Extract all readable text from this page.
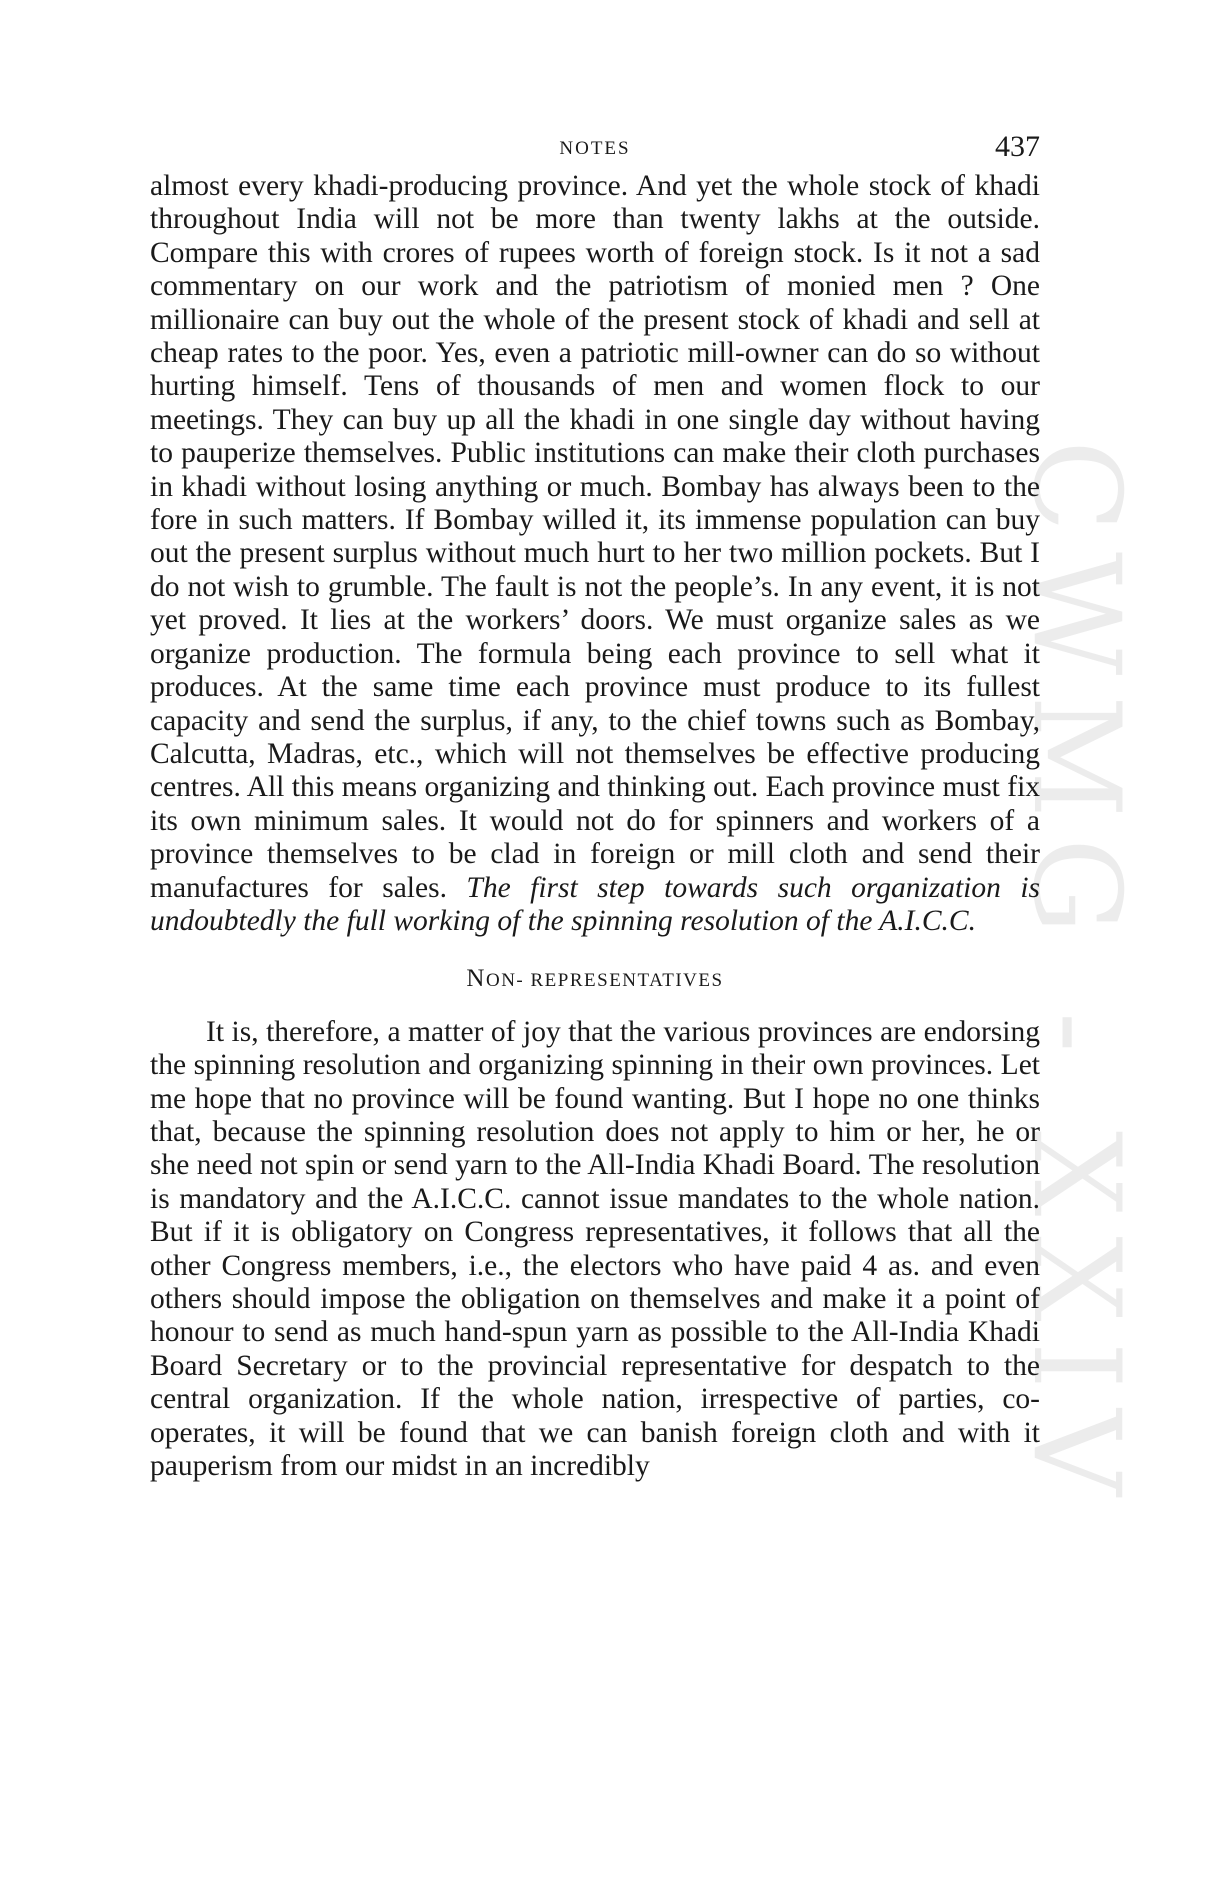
CWMG - XXIV
NOTES	437

almost every khadi-producing province. And yet the whole stock of khadi throughout India will not be more than twenty lakhs at the outside. Compare this with crores of rupees worth of foreign stock. Is it not a sad commentary on our work and the patriotism of monied men ? One millionaire can buy out the whole of the present stock of khadi and sell at cheap rates to the poor. Yes, even a patriotic mill-owner can do so without hurting himself. Tens of thousands of men and women flock to our meetings. They can buy up all the khadi in one single day without having to pauperize themselves. Public institutions can make their cloth purchases in khadi without losing anything or much. Bombay has always been to the fore in such matters. If Bombay willed it, its immense population can buy out the present surplus without much hurt to her two million pockets. But I do not wish to grumble. The fault is not the people’s. In any event, it is not yet proved. It lies at the workers’ doors. We must organize sales as we organize production. The formula being each province to sell what it produces. At the same time each province must produce to its fullest capacity and send the surplus, if any, to the chief towns such as Bombay, Calcutta, Madras, etc., which will not themselves be effective producing centres. All this means organizing and thinking out. Each province must fix its own minimum sales. It would not do for spinners and workers of a province themselves to be clad in foreign or mill cloth and send their manufactures for sales. The first step towards such organization is undoubtedly the full working of the spinning resolution of the A.I.C.C.

NON- REPRESENTATIVES

It is, therefore, a matter of joy that the various provinces are endorsing the spinning resolution and organizing spinning in their own provinces. Let me hope that no province will be found wanting. But I hope no one thinks that, because the spinning resolution does not apply to him or her, he or she need not spin or send yarn to the All-India Khadi Board. The resolution is mandatory and the A.I.C.C. cannot issue mandates to the whole nation. But if it is obligatory on Congress representatives, it follows that all the other Congress members, i.e., the electors who have paid 4 as. and even others should impose the obligation on themselves and make it a point of honour to send as much hand-spun yarn as possible to the All-India Khadi Board Secretary or to the provincial representative for despatch to the central organization. If the whole nation, irrespective of parties, co-operates, it will be found that we can banish foreign cloth and with it pauperism from our midst in an incredibly
